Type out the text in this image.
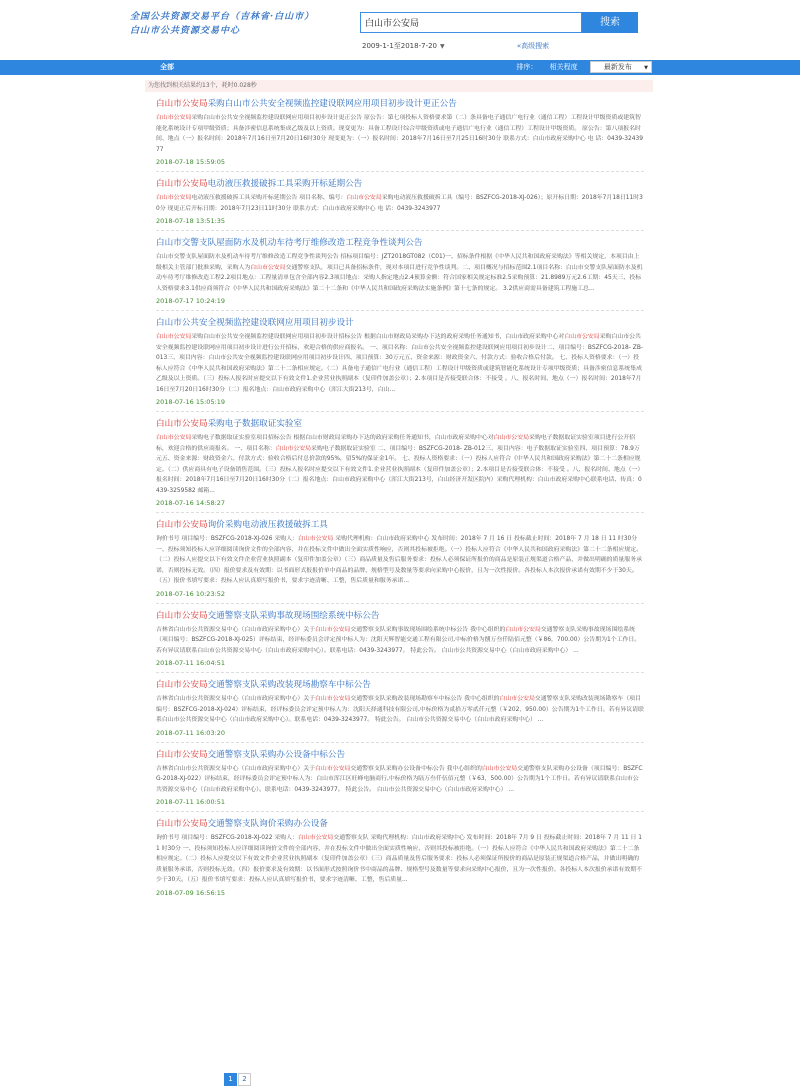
全国公共资源交易平台（吉林省·白山市）
白山市公共资源交易中心
白山市公安局搜索
2009-1-1至2018-7-20 ▼	«高级搜索
全部	排序： 相关程度	最新发布 ▼
为您找到相关结果约13个，耗时0.028秒
白山市公安局采购白山市公共安全视频监控建设联网应用项目初步设计更正公告
白山市公安局采购白山市公共安全视频监控建设联网应用项目初步设计更正公告 原公告：第七项投标人资格要求第（二）条具备电子通信广电行业（通信工程）工程设计甲级资质或建筑智能化系统设计专项甲级资质；具备涉密信息系统集成乙级及以上资质。现变更为：具备工程设计综合甲级资质或电子通信广电行业（通信工程）工程设计甲级资质。 原公告：第八项报名时间、地点（一）报名时间：2018年7月16日至7月20日16时30分 现变更为：（一）报名时间：2018年7月16日至7月25日16时30分 联系方式：白山市政府采购中心 电 话：0439-3243977
2018-07-18 15:59:05
白山市公安局电动液压救援破拆工具采购开标延期公告
白山市公安局电动液压救援破拆工具采购开标延期公告 项目名称、编号：白山市公安局采购电动液压救援破拆工具（编号：BSZFCG-2018-XJ-026）；原开标日期：2018年7月18日11时30分 现更正后开标日期：2018年7月23日11时30分 联系方式：白山市政府采购中心 电 话：0439-3243977
2018-07-18 13:51:35
白山市交警支队屋面防水及机动车待考厅维修改造工程竞争性谈判公告
白山市交警支队屋面防水及机动车待考厅维修改造工程竞争性谈判公告 招标项目编号：JZT2018GT082（C01)一、招标条件根据《中华人民共和国政府采购法》等相关规定，本项目由上级相关主管部门批准采购，采购人为白山市公安局交通警察支队，项目已具备招标条件，现对本项目进行竞争性谈判。二、项目概况与招标范围2.1项目名称：白山市交警支队屋面防水及机动车待考厅维修改造工程2.2项目地点：工程量清单包含全部内容2.3项目地点：采购人指定地点2.4预算金额：符合国家相关规定标准2.5采购预算：21.8989万元2.6工期：45天三、投标人资格要求3.1供应商须符合《中华人民共和国政府采购法》第二十二条和《中华人民共和国政府采购法实施条例》第十七条的规定。 3.2供应商需具备建筑工程施工总...
2018-07-17 10:24:19
白山市公共安全视频监控建设联网应用项目初步设计
白山市公安局采购白山市公共安全视频监控建设联网应用项目初步设计招标公告 根据白山市财政局采购办下达的政府采购任务通知书，白山市政府采购中心对白山市公安局采购白山市公共安全视频监控建设联网应用项目初步设计进行公开招标，欢迎合格的供应商报名。 一、项目名称：白山市公共安全视频监控建设联网应用项目初步设计二、项目编号：BSZFCG-2018- ZB-013三、项目内容：白山市公共安全视频监控建设联网应用项目初步设计四、项目预算：30万元五、资金来源：财政资金六、付款方式：验收合格后付款。 七、投标人资格要求：（一）投标人应符合《中华人民共和国政府采购法》第二十二条相应规定。（二）具备电子通信广电行业（通信工程）工程设计甲级资质或建筑智能化系统设计专项甲级资质；具备涉密信息系统集成乙级及以上资质。（三）投标人报名时应提交以下有效文件1.企业营业执照副本（复印件加盖公章）；2.本项目是否接受联合体：不接受 。八、报名时间、地点（一）报名时间：2018年7月16日至7月20日16时30分（二）报名地点：白山市政府采购中心（浑江大街213号，白山...
2018-07-16 15:05:19
白山市公安局采购电子数据取证实验室
白山市公安局采购电子数据取证实验室项目招标公告 根据白山市财政局采购办下达的政府采购任务通知书，白山市政府采购中心对白山市公安局采购电子数据取证实验室项目进行公开招标，欢迎合格的供应商报名。 一、项目名称：白山市公安局采购电子数据取证实验室 二、项目编号：BSZFCG-2018- ZB-012三、项目内容：电子数据取证实验室四、项目预算：78.9万元五、资金来源：财政资金六、付款方式：验收合格后付总价款的95%，留5%的保证金1年。 七、投标人资格要求：（一）投标人应符合《中华人民共和国政府采购法》第二十二条相应规定。（二）供应商具有电子设备销售范围。（三）投标人报名时应提交以下有效文件1.企业营业执照副本（复印件加盖公章）；2.本项目是否接受联合体：不接受 。八、报名时间、地点（一）报名时间：2018年7月16日至7月20日16时30分（二）报名地点：白山市政府采购中心（浑江大街213号，白山经济开发区院内）采购代理机构：白山市政府采购中心联系电话、传真：0439-3259582 邮箱...
2018-07-16 14:58:27
白山市公安局询价采购电动液压救援破拆工具
询价书号 项目编号：BSZFCG-2018-XJ-026 采购人：白山市公安局 采购代理机构：白山市政府采购中心 发布时间：2018年 7 月 16 日 投标截止时间：2018年 7 月 18 日 11 时30分 一、投标须知投标人应详细阅读询价文件的全部内容，并在投标文件中做出全面实质性响应，否则其投标被拒绝。（一）投标人应符合《中华人民共和国政府采购法》第二十二条相应规定。（二）投标人应提交以下有效文件企业营业执照副本（复印件加盖公章）（三）商品质量及售后服务要求：投标人必须保证所报价的商品是原装正规渠道合格产品，并做出明确的质量服务承诺，否则投标无效。（四）报价要求及有效期：以书面形式报报价单中商品的品牌、规格型号及数量等要求向采购中心报价，且为一次性报价。各投标人本次报价承诺有效期不少于30天。（五）报价书填写要求：投标人应认真填写报价书，要求字迹清晰、工整，售后质量和服务承诺...
2018-07-16 10:23:52
白山市公安局交通警察支队采购事故现场围绘系统中标公告
吉林省白山市公共资源交易中心（白山市政府采购中心）关于白山市公安局交通警察支队采购事故现场围绘系统中标公告 我中心组织的白山市公安局交通警察支队采购事故现场围绘系统（项目编号：BSZFCG-2018-XJ-025）评标结束，经评标委员会评定预中标人为：沈阳天辉智能交通工程有限公司,中标价格为捌万叁仟陆佰元整（￥86，700.00）公告期为1个工作日。若有异议请联系白山市公共资源交易中心（白山市政府采购中心）。联系电话：0439-3243977。 特此公告。 白山市公共资源交易中心（白山市政府采购中心） ...
2018-07-11 16:04:51
白山市公安局交通警察支队采购改装现场勘察车中标公告
吉林省白山市公共资源交易中心（白山市政府采购中心）关于白山市公安局交通警察支队采购改装现场勘察车中标公告 我中心组织的白山市公安局交通警察支队采购改装现场勘察车（项目编号：BSZFCG-2018-XJ-024）评标结束，经评标委员会评定预中标人为：沈阳天择通科技有限公司,中标价格为贰拾万零贰仟元整（￥202，950.00）公告期为1个工作日。若有异议请联系白山市公共资源交易中心（白山市政府采购中心）。联系电话：0439-3243977。 特此公告。 白山市公共资源交易中心（白山市政府采购中心） ...
2018-07-11 16:03:20
白山市公安局交通警察支队采购办公设备中标公告
吉林省白山市公共资源交易中心（白山市政府采购中心）关于白山市公安局交通警察支队采购办公设备中标公告 我中心组织的白山市公安局交通警察支队采购办公设备（项目编号：BSZFCG-2018-XJ-022）评标结束，经评标委员会评定预中标人为：白山市浑江区旺峰电脑商行,中标价格为陆万叁仟伍佰元整（￥63，500.00）公告期为1个工作日。若有异议请联系白山市公共资源交易中心（白山市政府采购中心）。联系电话：0439-3243977。 特此公告。 白山市公共资源交易中心（白山市政府采购中心） ...
2018-07-11 16:00:51
白山市公安局交通警察支队询价采购办公设备
询价书号 项目编号：BSZFCG-2018-XJ-022 采购人：白山市公安局交通警察支队 采购代理机构：白山市政府采购中心 发布时间：2018年 7月 9 日 投标截止时间：2018年 7 月 11 日 11 时30分 一、投标须知投标人应详细阅读询价文件的全部内容，并在投标文件中做出全面实质性响应，否则其投标被拒绝。（一）投标人应符合《中华人民共和国政府采购法》第二十二条相应规定。（二）投标人应提交以下有效文件企业营业执照副本（复印件加盖公章）（三）商品质量及售后服务要求：投标人必须保证所报价的商品是原装正规渠道合格产品，并做出明确的质量服务承诺，否则投标无效。（四）报价要求及有效期：以书面形式按照询价书中商品的品牌、规格型号及数量等要求向采购中心报价，且为一次性报价。各投标人本次报价承诺有效期不少于30天。（五）报价书填写要求：投标人应认真填写报价书，要求字迹清晰、工整，售后质量...
2018-07-09 16:56:15
1 2
